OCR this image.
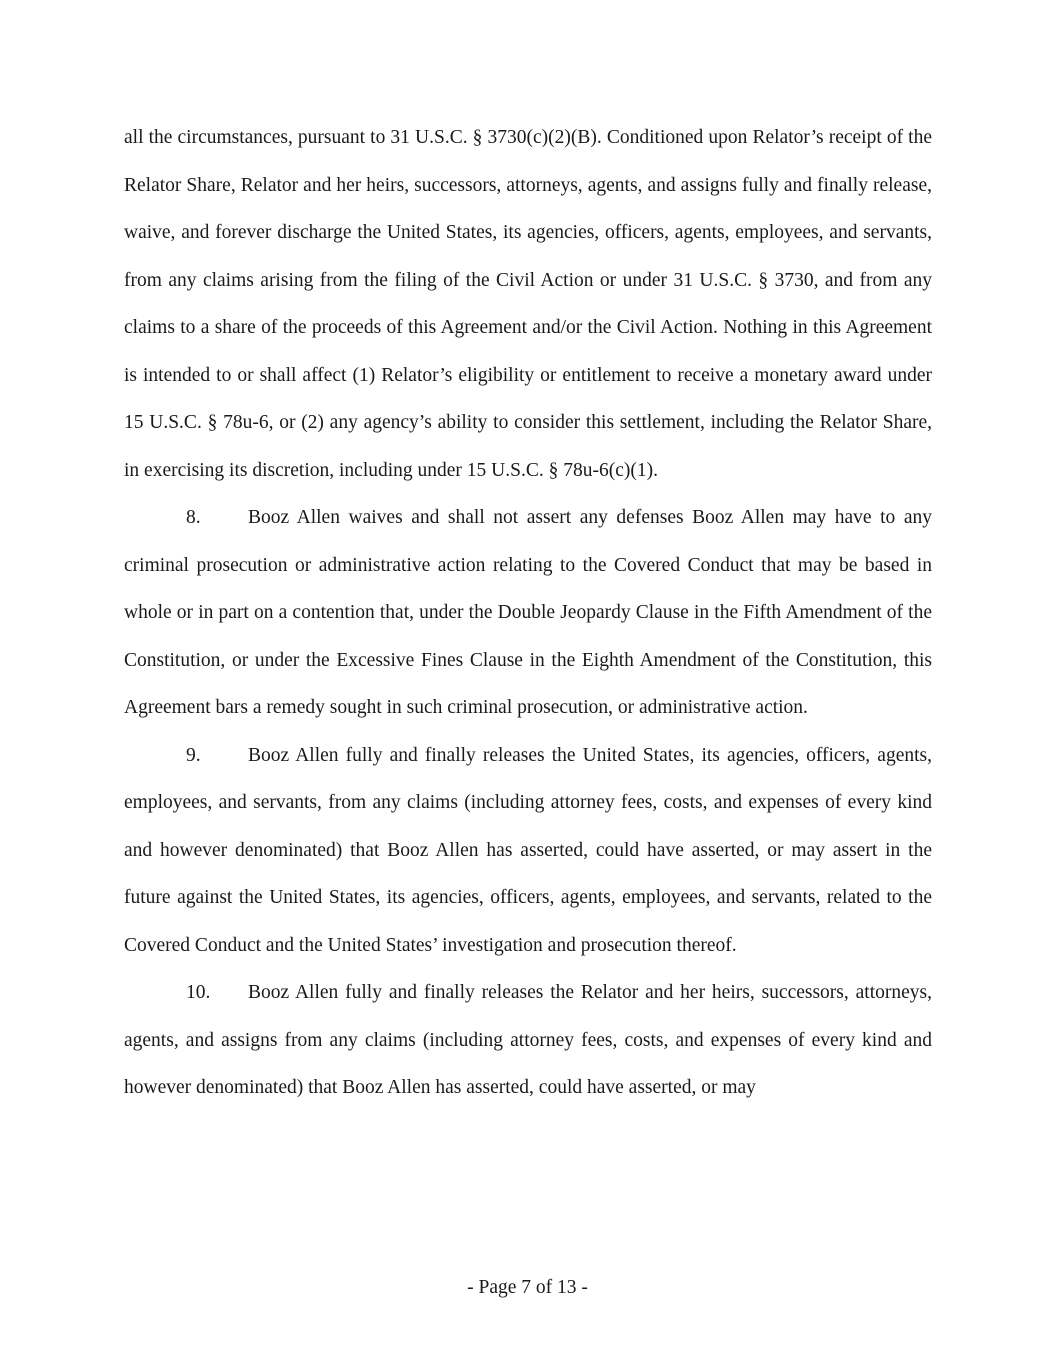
all the circumstances, pursuant to 31 U.S.C. § 3730(c)(2)(B). Conditioned upon Relator’s receipt of the Relator Share, Relator and her heirs, successors, attorneys, agents, and assigns fully and finally release, waive, and forever discharge the United States, its agencies, officers, agents, employees, and servants, from any claims arising from the filing of the Civil Action or under 31 U.S.C. § 3730, and from any claims to a share of the proceeds of this Agreement and/or the Civil Action. Nothing in this Agreement is intended to or shall affect (1) Relator’s eligibility or entitlement to receive a monetary award under 15 U.S.C. § 78u-6, or (2) any agency’s ability to consider this settlement, including the Relator Share, in exercising its discretion, including under 15 U.S.C. § 78u-6(c)(1).

8. Booz Allen waives and shall not assert any defenses Booz Allen may have to any criminal prosecution or administrative action relating to the Covered Conduct that may be based in whole or in part on a contention that, under the Double Jeopardy Clause in the Fifth Amendment of the Constitution, or under the Excessive Fines Clause in the Eighth Amendment of the Constitution, this Agreement bars a remedy sought in such criminal prosecution, or administrative action.

9. Booz Allen fully and finally releases the United States, its agencies, officers, agents, employees, and servants, from any claims (including attorney fees, costs, and expenses of every kind and however denominated) that Booz Allen has asserted, could have asserted, or may assert in the future against the United States, its agencies, officers, agents, employees, and servants, related to the Covered Conduct and the United States’ investigation and prosecution thereof.

10. Booz Allen fully and finally releases the Relator and her heirs, successors, attorneys, agents, and assigns from any claims (including attorney fees, costs, and expenses of every kind and however denominated) that Booz Allen has asserted, could have asserted, or may

- Page 7 of 13 -
